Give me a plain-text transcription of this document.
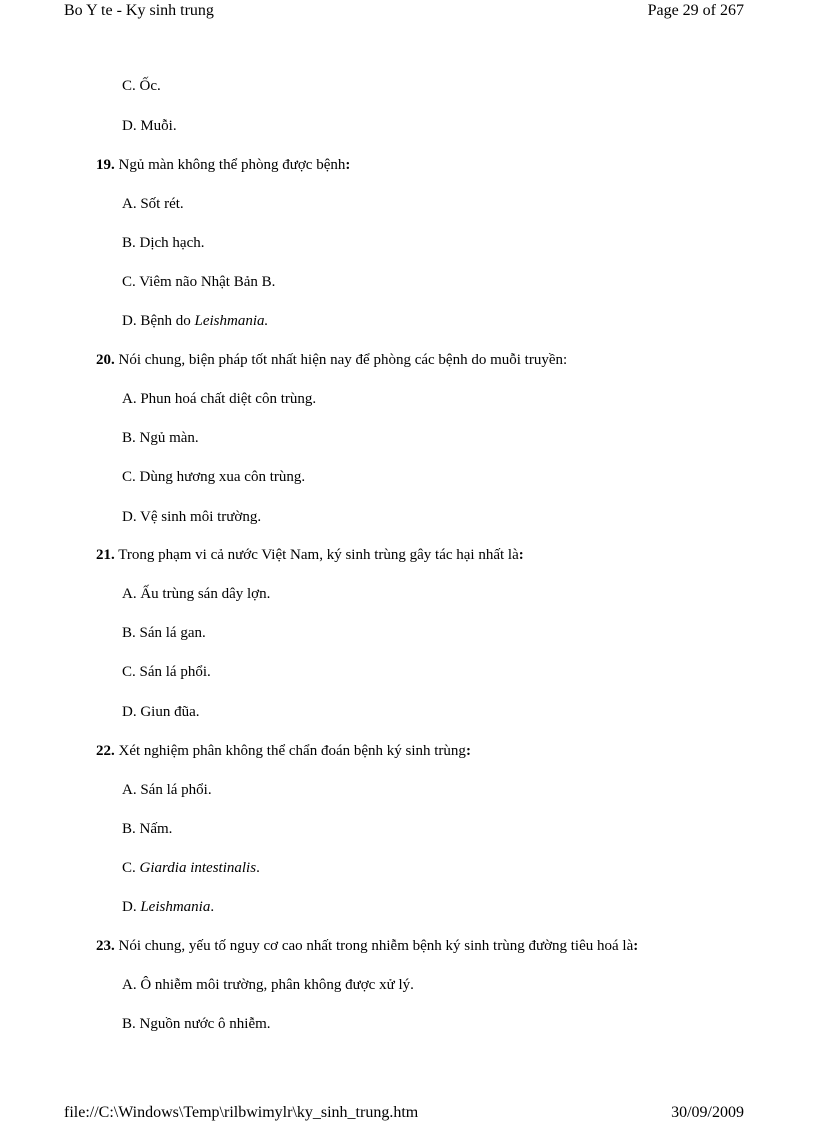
Bo Y te - Ky sinh trung	Page 29 of 267
C. Ốc.
D. Muỗi.
19. Ngủ màn không thể phòng được bệnh:
A. Sốt rét.
B. Dịch hạch.
C. Viêm não Nhật Bản B.
D. Bệnh do Leishmania.
20. Nói chung, biện pháp tốt nhất hiện nay để phòng các bệnh do muỗi truyền:
A. Phun hoá chất diệt côn trùng.
B. Ngủ màn.
C. Dùng hương xua côn trùng.
D. Vệ sinh môi trường.
21. Trong phạm vi cả nước Việt Nam, ký sinh trùng gây tác hại nhất là:
A. Ấu trùng sán dây lợn.
B. Sán lá gan.
C. Sán lá phổi.
D. Giun đũa.
22. Xét nghiệm phân không thể chẩn đoán bệnh ký sinh trùng:
A. Sán lá phổi.
B. Nấm.
C. Giardia intestinalis.
D. Leishmania.
23. Nói chung, yếu tố nguy cơ cao nhất trong nhiễm bệnh ký sinh trùng đường tiêu hoá là:
A. Ô nhiễm môi trường, phân không được xử lý.
B. Nguồn nước ô nhiễm.
file://C:\Windows\Temp\rilbwimylr\ky_sinh_trung.htm	30/09/2009
